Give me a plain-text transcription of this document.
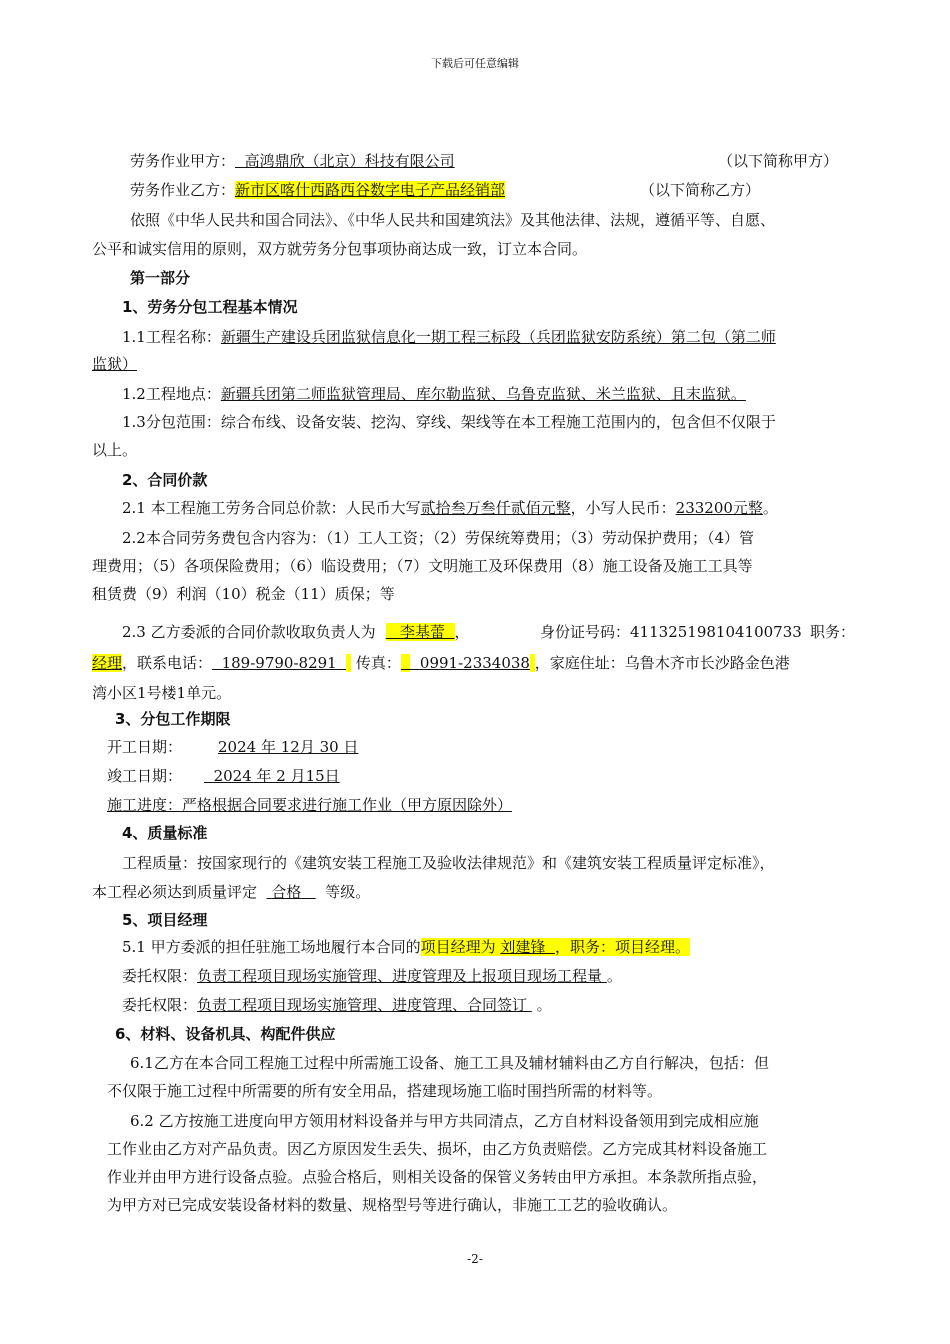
下载后可任意编辑
劳务作业甲方： 高鸿鼎欣（北京）科技有限公司	（以下简称甲方）
劳务作业乙方：新市区喀什西路西谷数字电子产品经销部	（以下简称乙方）
依照《中华人民共和国合同法》、《中华人民共和国建筑法》及其他法律、法规，遵循平等、自愿、
公平和诚实信用的原则，双方就劳务分包事项协商达成一致，订立本合同。
第一部分
1、劳务分包工程基本情况
1.1工程名称：新疆生产建设兵团监狱信息化一期工程三标段（兵团监狱安防系统）第二包（第二师
监狱）
1.2工程地点：新疆兵团第二师监狱管理局、库尔勒监狱、乌鲁克监狱、米兰监狱、且末监狱。
1.3分包范围：综合布线、设备安装、挖沟、穿线、架线等在本工程施工范围内的，包含但不仅限于
以上。
2、合同价款
2.1 本工程施工劳务合同总价款：人民币大写贰拾叁万叁仟贰佰元整，小写人民币：233200元整。
2.2本合同劳务费包含内容为：（1）工人工资；（2）劳保统筹费用；（3）劳动保护费用；（4）管
理费用；（5）各项保险费用；（6）临设费用；（7）文明施工及环保费用（8）施工设备及施工工具等
租赁费（9）利润（10）税金（11）质保；等
2.3 乙方委派的合同价款收取负责人为 李基蕾 ，	身份证号码：411325198104100733 职务：
经理，联系电话： 189-9790-8291 传真： 0991-2334038 ，家庭住址：乌鲁木齐市长沙路金色港
湾小区1号楼1单元。
3、分包工作期限
开工日期： 2024 年 12月 30 日
竣工日期： 2024 年 2 月15日
施工进度：严格根据合同要求进行施工作业（甲方原因除外）
4、质量标准
工程质量：按国家现行的《建筑安装工程施工及验收法律规范》和《建筑安装工程质量评定标准》，
本工程必须达到质量评定 合格 等级。
5、项目经理
5.1 甲方委派的担任驻施工场地履行本合同的项目经理为 刘建锋 ，职务：项目经理。
委托权限：负责工程项目现场实施管理、进度管理及上报项目现场工程量 。
委托权限：负责工程项目现场实施管理、进度管理、合同签订 。
6、材料、设备机具、构配件供应
6.1乙方在本合同工程施工过程中所需施工设备、施工工具及辅材辅料由乙方自行解决，包括：但
不仅限于施工过程中所需要的所有安全用品，搭建现场施工临时围挡所需的材料等。
6.2 乙方按施工进度向甲方领用材料设备并与甲方共同清点，乙方自材料设备领用到完成相应施
工作业由乙方对产品负责。因乙方原因发生丢失、损坏，由乙方负责赔偿。乙方完成其材料设备施工
作业并由甲方进行设备点验。点验合格后，则相关设备的保管义务转由甲方承担。本条款所指点验，
为甲方对已完成安装设备材料的数量、规格型号等进行确认，非施工工艺的验收确认。
-2-
